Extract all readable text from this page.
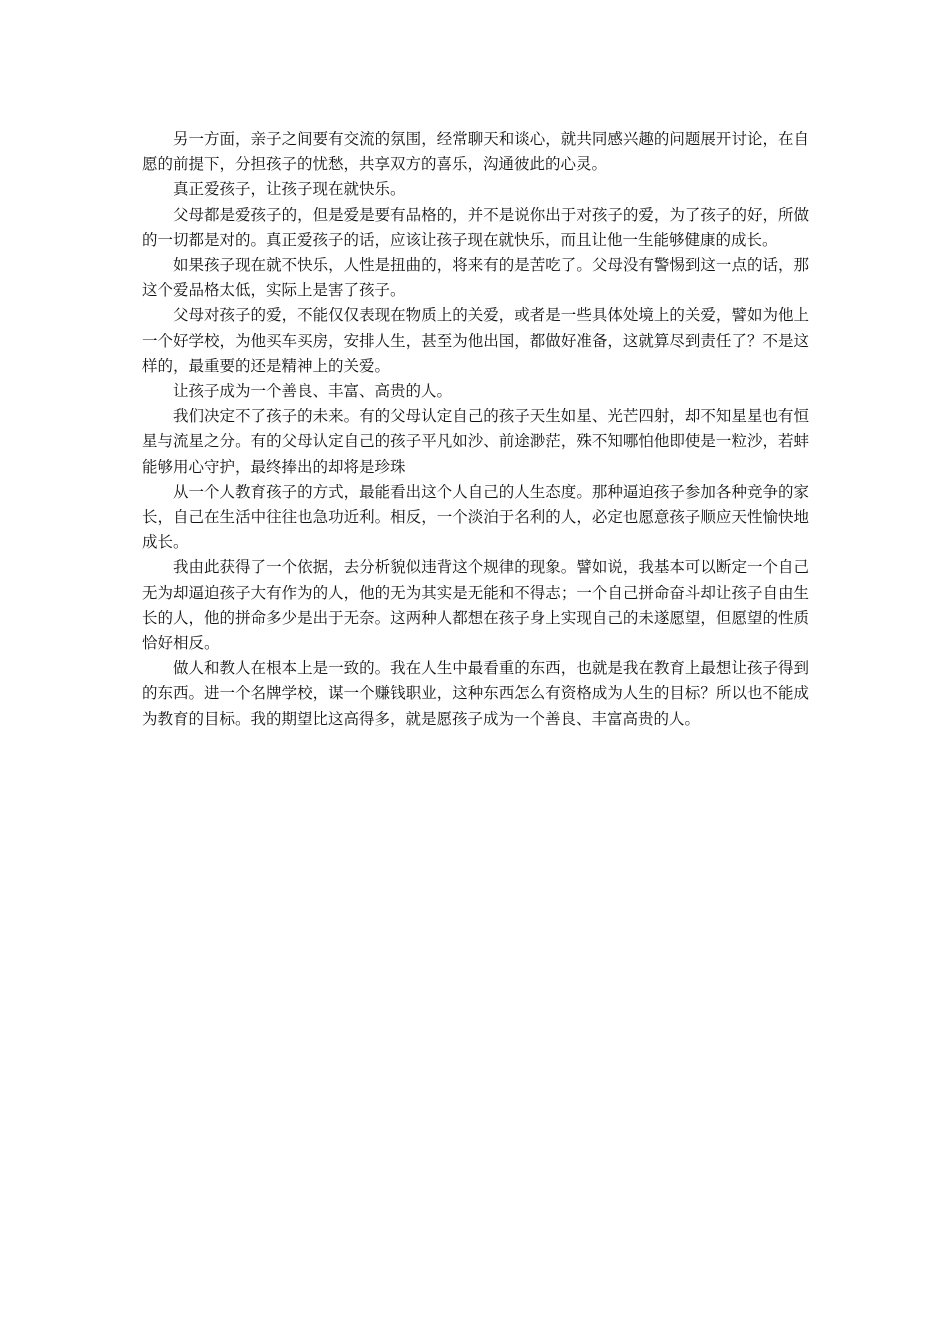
另一方面，亲子之间要有交流的氛围，经常聊天和谈心，就共同感兴趣的问题展开讨论，在自愿的前提下，分担孩子的忧愁，共享双方的喜乐，沟通彼此的心灵。

真正爱孩子，让孩子现在就快乐。

父母都是爱孩子的，但是爱是要有品格的，并不是说你出于对孩子的爱，为了孩子的好，所做的一切都是对的。真正爱孩子的话，应该让孩子现在就快乐，而且让他一生能够健康的成长。

如果孩子现在就不快乐，人性是扭曲的，将来有的是苦吃了。父母没有警惕到这一点的话，那这个爱品格太低，实际上是害了孩子。

父母对孩子的爱，不能仅仅表现在物质上的关爱，或者是一些具体处境上的关爱，譬如为他上一个好学校，为他买车买房，安排人生，甚至为他出国，都做好准备，这就算尽到责任了？不是这样的，最重要的还是精神上的关爱。

让孩子成为一个善良、丰富、高贵的人。

我们决定不了孩子的未来。有的父母认定自己的孩子天生如星、光芒四射，却不知星星也有恒星与流星之分。有的父母认定自己的孩子平凡如沙、前途渺茫，殊不知哪怕他即使是一粒沙，若蚌能够用心守护，最终捧出的却将是珍珠

从一个人教育孩子的方式，最能看出这个人自己的人生态度。那种逼迫孩子参加各种竞争的家长，自己在生活中往往也急功近利。相反，一个淡泊于名利的人，必定也愿意孩子顺应天性愉快地成长。

我由此获得了一个依据，去分析貌似违背这个规律的现象。譬如说，我基本可以断定一个自己无为却逼迫孩子大有作为的人，他的无为其实是无能和不得志；一个自己拼命奋斗却让孩子自由生长的人，他的拼命多少是出于无奈。这两种人都想在孩子身上实现自己的未遂愿望，但愿望的性质恰好相反。

做人和教人在根本上是一致的。我在人生中最看重的东西，也就是我在教育上最想让孩子得到的东西。进一个名牌学校，谋一个赚钱职业，这种东西怎么有资格成为人生的目标？所以也不能成为教育的目标。我的期望比这高得多，就是愿孩子成为一个善良、丰富高贵的人。
